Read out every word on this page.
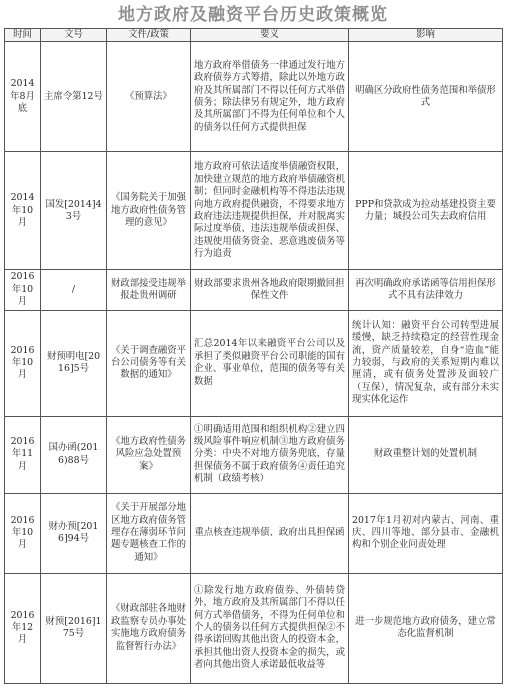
地方政府及融资平台历史政策概览
时间	文号	文件/政策	要义	影响
2014年8月底	主席令第12号	《预算法》	地方政府举借债务一律通过发行地方政府债券方式筹措，除此以外地方政府及其所属部门不得以任何方式举借债务；除法律另有规定外，地方政府及其所属部门不得为任何单位和个人的债务以任何方式提供担保	明确区分政府性债务范围和举债形式
2014年10月	国发[2014]43号	《国务院关于加强地方政府性债务管理的意见》	地方政府可依法适度举债融资权限，加快建立规范的地方政府举债融资机制；但同时金融机构等不得违法违规向地方政府提供融资，不得要求地方政府违法违规提供担保，并对脱离实际过度举债、违法违规举债或担保、违规使用债务资金、恶意逃废债务等行为追责	PPP和贷款成为拉动基建投资主要力量；城投公司失去政府信用
2016年10月	/	财政部接受违规举报赴贵州调研	财政部要求贵州各地政府限期撤回担保性文件	再次明确政府承诺函等信用担保形式不具有法律效力
2016年10月	财预明电[2016]5号	《关于调查融资平台公司债务等有关数据的通知》	汇总2014年以来融资平台公司以及承担了类似融资平台公司职能的国有企业、事业单位，范围的债务等有关数据	统计认知：融资平台公司转型进展缓慢，缺乏持续稳定的经营性现金流，资产质量较差，自身“造血”能力较弱，与政府的关系短期内难以厘清，或有债务处置涉及面较广（互保），情况复杂，或有部分未实现实体化运作
2016年11月	国办函(2016)88号	《地方政府性债务风险应急处置预案》	①明确适用范围和组织机构②建立四级风险事件响应机制③地方政府债务分类：中央不对地方债务兜底，存量担保债务不属于政府债务④责任追究机制（政绩考核）	财政重整计划的处置机制
2016年10月	财办预[2016]94号	《关于开展部分地区地方政府债务管理存在薄弱环节问题专题核查工作的通知》	重点核查违规举债、政府出具担保函	2017年1月初对内蒙古、河南、重庆、四川等地、部分县市、金融机构和个别企业问责处理
2016年12月	财预[2016]175号	《财政部驻各地财政监察专员办事处实施地方政府债务监督暂行办法》	①除发行地方政府债券、外债转贷外，地方政府及其所属部门不得以任何方式举借债务，不得为任何单位和个人的债务以任何方式提供担保②不得承诺回购其他出资人的投资本金，承担其他出资人投资本金的损失，或者向其他出资人承诺最低收益等	进一步规范地方政府债务，建立常态化监督机制
